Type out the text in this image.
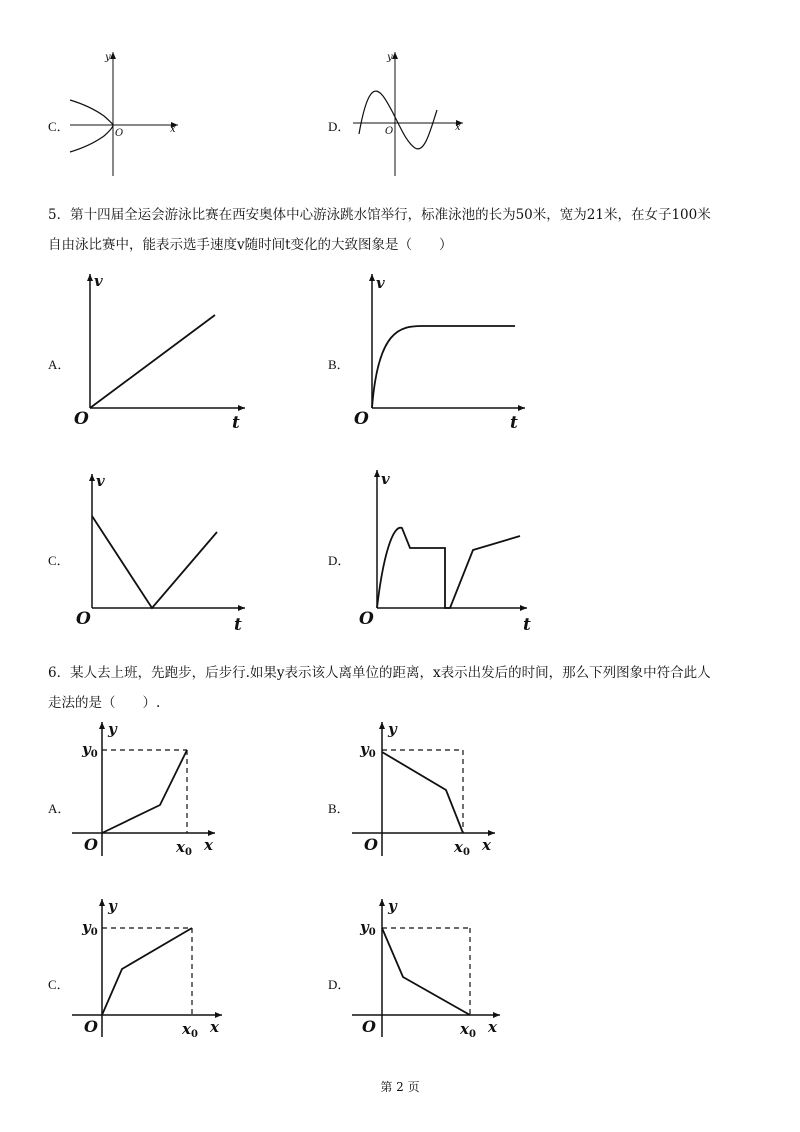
C．	x
y
O	D．	x
y
O
5．第十四届全运会游泳比赛在西安奥体中心游泳跳水馆举行，标准泳池的长为50米，宽为21米，在女子100米
自由泳比赛中，能表示选手速度v随时间t变化的大致图象是（　　）
A．
v
t
O
B．
v
t
O
C．
v
t
O
D．
v
t
O
6．某人去上班，先跑步，后步行.如果y表示该人离单位的距离，x表示出发后的时间，那么下列图象中符合此人
走法的是（　　）.
A．
y
$y_0$
$x_0$ x
O
B．
y
$y_0$
$x_0$ x
O
C．
y
$y_0$
$x_0$ x
O
D．
y
$y_0$
$x_0$ x
O
第 2 页
